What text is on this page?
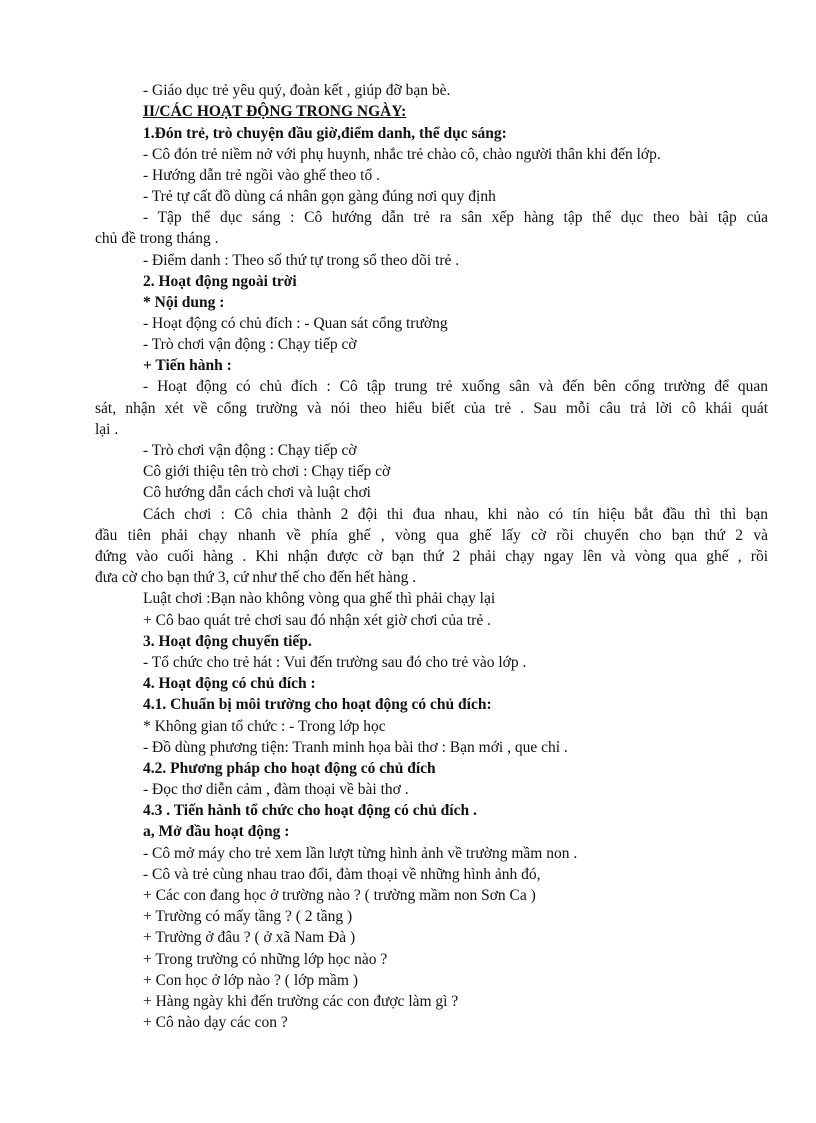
- Giáo dục trẻ yêu quý, đoàn kết , giúp đỡ bạn bè.
II/CÁC HOẠT ĐỘNG TRONG NGÀY:
1.Đón trẻ, trò chuyện đầu giờ,điểm danh, thể dục sáng:
- Cô đón trẻ niềm nở với phụ huynh, nhắc trẻ chào cô, chào người thân khi đến lớp.
- Hướng dẫn trẻ ngồi vào ghế theo tổ .
- Trẻ tự cất đồ dùng cá nhân gọn gàng đúng nơi quy định
- Tập thể dục sáng : Cô hướng dẫn trẻ ra sân xếp hàng tập thể dục theo bài tập của
chủ đề trong tháng .
- Điểm danh : Theo số thứ tự trong sổ theo dõi trẻ .
2. Hoạt động ngoài trời
* Nội dung :
- Hoạt động có chủ đích : - Quan sát cổng trường
- Trò chơi vận động : Chạy tiếp cờ
+ Tiến hành :
- Hoạt động có chủ đích : Cô tập trung trẻ xuống sân và đến bên cổng trường để quan
sát, nhận xét về cổng trường và nói theo hiểu biết của trẻ . Sau mỗi câu trả lời cô khái quát
lại .
- Trò chơi vận động : Chạy tiếp cờ
Cô giới thiệu tên trò chơi : Chạy tiếp cờ
Cô hướng dẫn cách chơi và luật chơi
Cách chơi : Cô chia thành 2 đội thi đua nhau, khi nào có tín hiệu bắt đầu thì thì bạn
đầu tiên phải chạy nhanh về phía ghế , vòng qua ghế lấy cờ rồi chuyển cho bạn thứ 2 và
đứng vào cuối hàng . Khi nhận được cờ bạn thứ 2 phải chạy ngay lên và vòng qua ghế , rồi
đưa cờ cho bạn thứ 3, cứ như thế cho đến hết hàng .
Luật chơi :Bạn nào không vòng qua ghế thì phải chạy lại
+ Cô bao quát trẻ chơi sau đó nhận xét giờ chơi của trẻ .
3. Hoạt động chuyển tiếp.
- Tổ chức cho trẻ hát : Vui đến trường sau đó cho trẻ vào lớp .
4. Hoạt động có chủ đích :
4.1. Chuẩn bị môi trường cho hoạt động có chủ đích:
* Không gian tổ chức : - Trong lớp học
- Đồ dùng phương tiện: Tranh minh họa bài thơ : Bạn mới , que chỉ .
4.2. Phương pháp cho hoạt động có chủ đích
- Đọc thơ diễn cảm , đàm thoại về bài thơ .
4.3 . Tiến hành tổ chức cho hoạt động có chủ đích .
a, Mở đầu hoạt động :
- Cô mở máy cho trẻ xem lần lượt từng hình ảnh về trường mầm non .
- Cô và trẻ cùng nhau trao đổi, đàm thoại về những hình ảnh đó,
+ Các con đang học ở trường nào ? ( trường mầm non Sơn Ca )
+ Trường có mấy tầng ? ( 2 tầng )
+ Trường ở đâu ? ( ở xã Nam Đà )
+ Trong trường có những lớp học nào ?
+ Con học ở lớp nào ? ( lớp mầm )
+ Hàng ngày khi đến trường các con được làm gì ?
+ Cô nào dạy các con ?
